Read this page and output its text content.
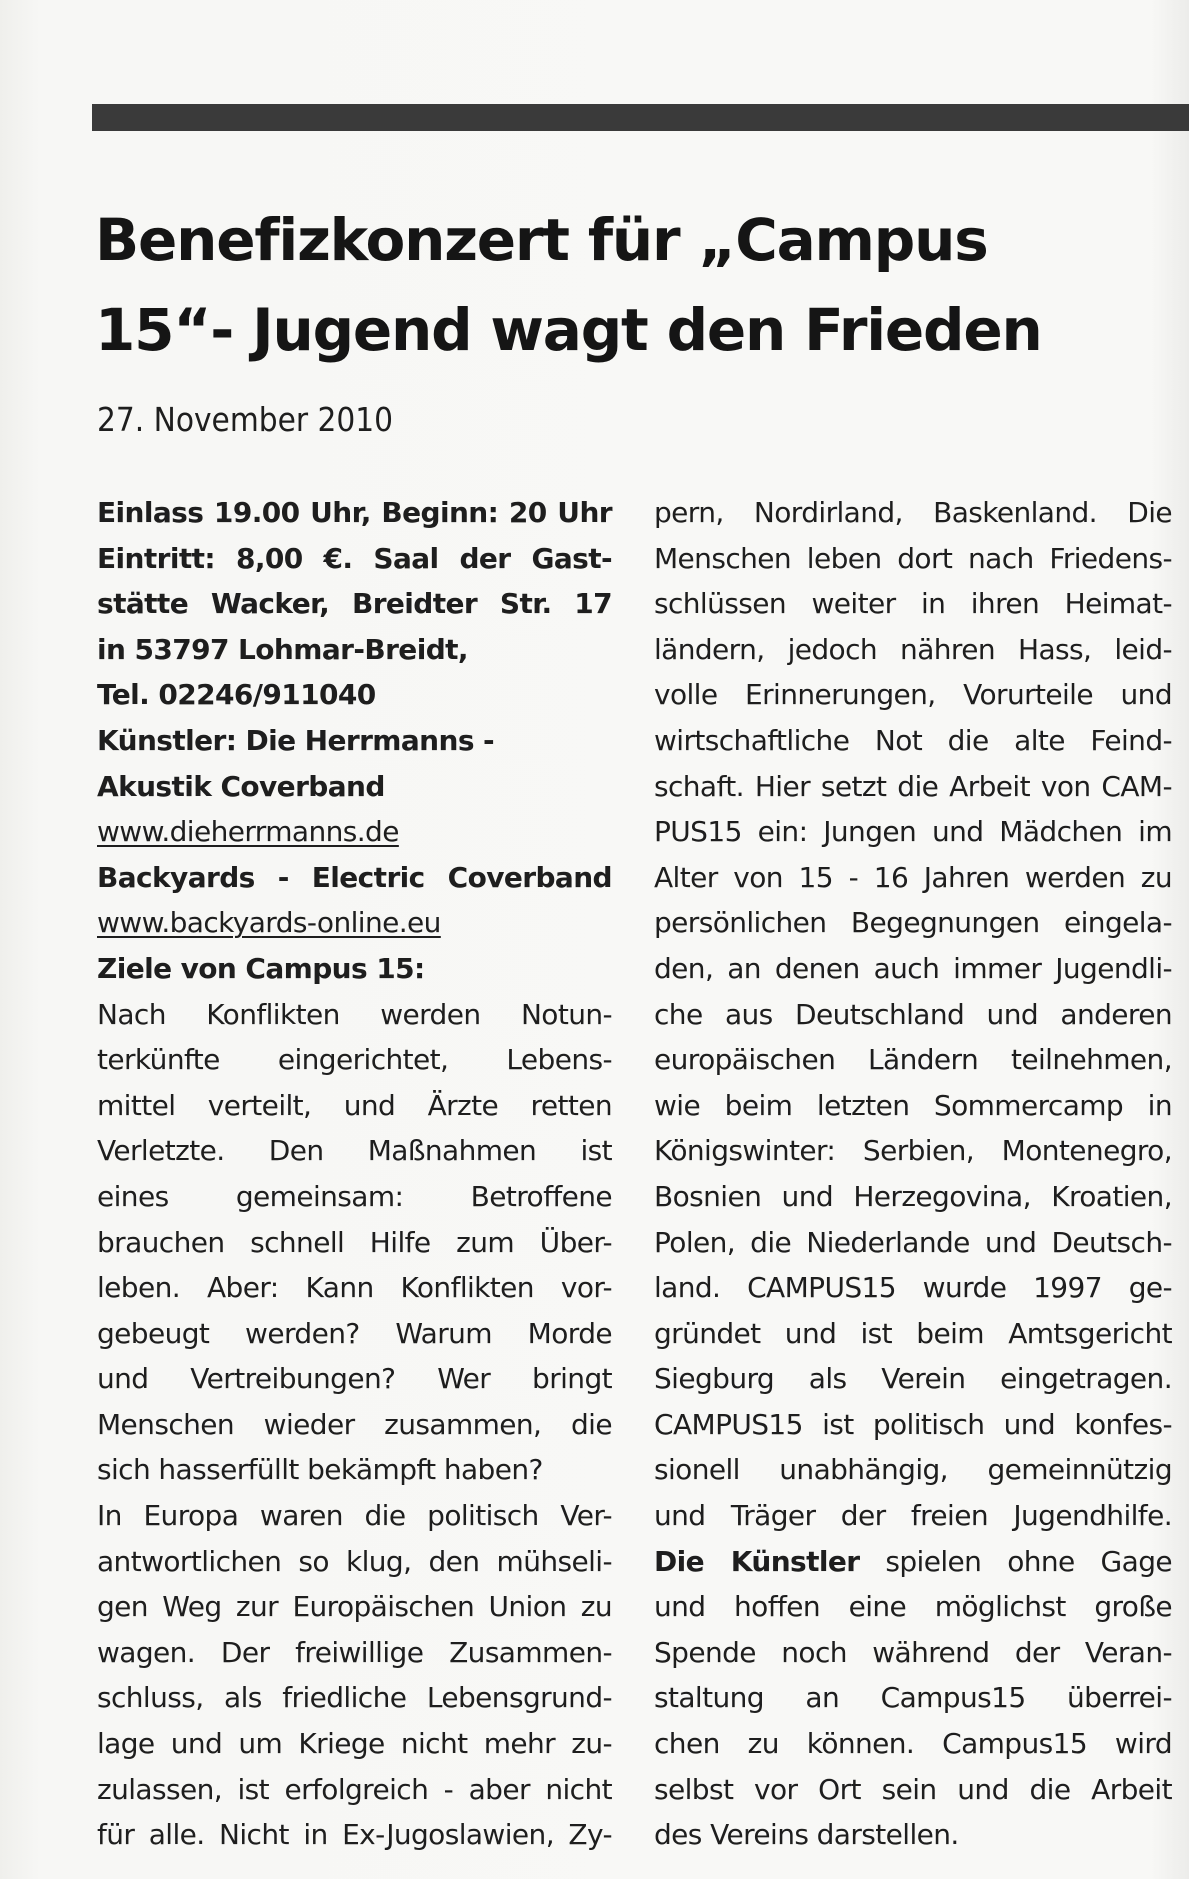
Benefizkonzert für „Campus
15“- Jugend wagt den Frieden
27. November 2010
Einlass 19.00 Uhr, Beginn: 20 Uhr
Eintritt: 8,00 €. Saal der Gast-
stätte Wacker, Breidter Str. 17
in 53797 Lohmar-Breidt,
Tel. 02246/911040
Künstler: Die Herrmanns -
Akustik Coverband
www.dieherrmanns.de
Backyards - Electric Coverband
www.backyards-online.eu
Ziele von Campus 15:
Nach Konflikten werden Notun-
terkünfte eingerichtet, Lebens-
mittel verteilt, und Ärzte retten
Verletzte. Den Maßnahmen ist
eines gemeinsam: Betroffene
brauchen schnell Hilfe zum Über-
leben. Aber: Kann Konflikten vor-
gebeugt werden? Warum Morde
und Vertreibungen? Wer bringt
Menschen wieder zusammen, die
sich hasserfüllt bekämpft haben?
In Europa waren die politisch Ver-
antwortlichen so klug, den mühseli-
gen Weg zur Europäischen Union zu
wagen. Der freiwillige Zusammen-
schluss, als friedliche Lebensgrund-
lage und um Kriege nicht mehr zu-
zulassen, ist erfolgreich - aber nicht
für alle. Nicht in Ex-Jugoslawien, Zy-
pern, Nordirland, Baskenland. Die
Menschen leben dort nach Friedens-
schlüssen weiter in ihren Heimat-
ländern, jedoch nähren Hass, leid-
volle Erinnerungen, Vorurteile und
wirtschaftliche Not die alte Feind-
schaft. Hier setzt die Arbeit von CAM-
PUS15 ein: Jungen und Mädchen im
Alter von 15 - 16 Jahren werden zu
persönlichen Begegnungen eingela-
den, an denen auch immer Jugendli-
che aus Deutschland und anderen
europäischen Ländern teilnehmen,
wie beim letzten Sommercamp in
Königswinter: Serbien, Montenegro,
Bosnien und Herzegovina, Kroatien,
Polen, die Niederlande und Deutsch-
land. CAMPUS15 wurde 1997 ge-
gründet und ist beim Amtsgericht
Siegburg als Verein eingetragen.
CAMPUS15 ist politisch und konfes-
sionell unabhängig, gemeinnützig
und Träger der freien Jugendhilfe.
Die Künstler spielen ohne Gage
und hoffen eine möglichst große
Spende noch während der Veran-
staltung an Campus15 überrei-
chen zu können. Campus15 wird
selbst vor Ort sein und die Arbeit
des Vereins darstellen.
